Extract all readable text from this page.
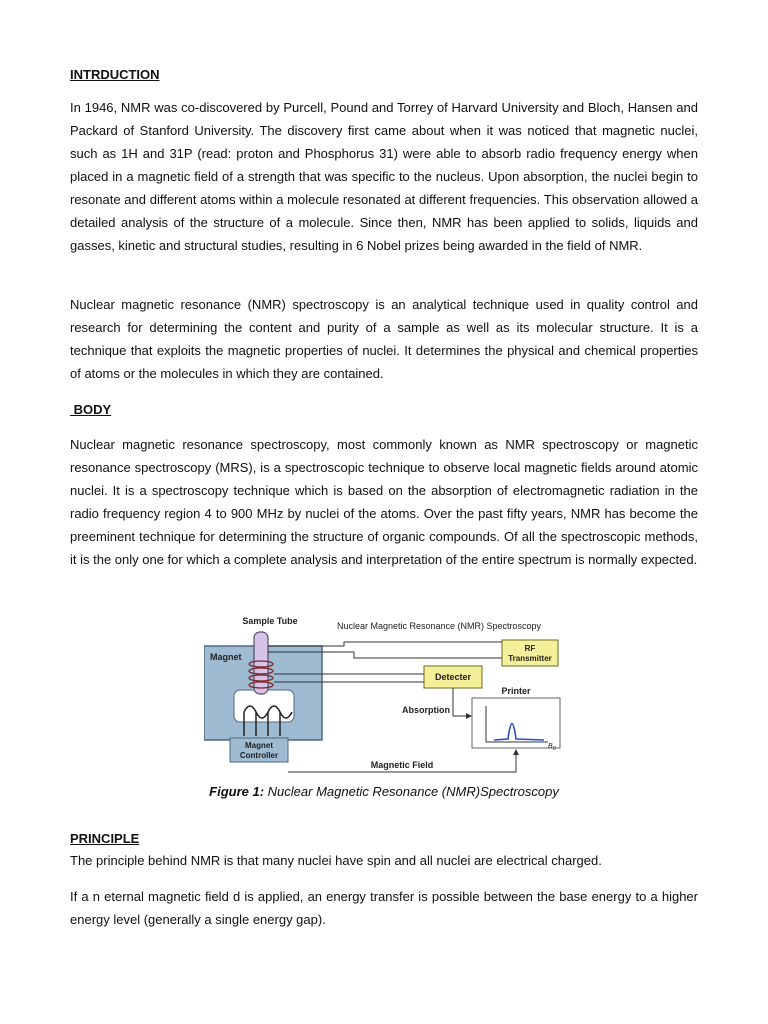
INTRDUCTION

In 1946, NMR was co-discovered by Purcell, Pound and Torrey of Harvard University and Bloch, Hansen and Packard of Stanford University. The discovery first came about when it was noticed that magnetic nuclei, such as 1H and 31P (read: proton and Phosphorus 31) were able to absorb radio frequency energy when placed in a magnetic field of a strength that was specific to the nucleus. Upon absorption, the nuclei begin to resonate and different atoms within a molecule resonated at different frequencies. This observation allowed a detailed analysis of the structure of a molecule. Since then, NMR has been applied to solids, liquids and gasses, kinetic and structural studies, resulting in 6 Nobel prizes being awarded in the field of NMR.

Nuclear magnetic resonance (NMR) spectroscopy is an analytical technique used in quality control and research for determining the content and purity of a sample as well as its molecular structure. It is a technique that exploits the magnetic properties of nuclei. It determines the physical and chemical properties of atoms or the molecules in which they are contained.

BODY

Nuclear magnetic resonance spectroscopy, most commonly known as NMR spectroscopy or magnetic resonance spectroscopy (MRS), is a spectroscopic technique to observe local magnetic fields around atomic nuclei. It is a spectroscopy technique which is based on the absorption of electromagnetic radiation in the radio frequency region 4 to 900 MHz by nuclei of the atoms. Over the past fifty years, NMR has become the preeminent technique for determining the structure of organic compounds. Of all the spectroscopic methods, it is the only one for which a complete analysis and interpretation of the entire spectrum is normally expected.

Sample Tube
Magnet
Nuclear Magnetic Resonance (NMR) Spectroscopy
RF
Transmitter
Detecter
Printer
B 0
Absorption
Magnet
Controller
Magnetic Field
Figure 1: Nuclear Magnetic Resonance (NMR)Spectroscopy
PRINCIPLE

The principle behind NMR is that many nuclei have spin and all nuclei are electrical charged.

If a n eternal magnetic field d is applied, an energy transfer is possible between the base energy to a higher energy level (generally a single energy gap).
